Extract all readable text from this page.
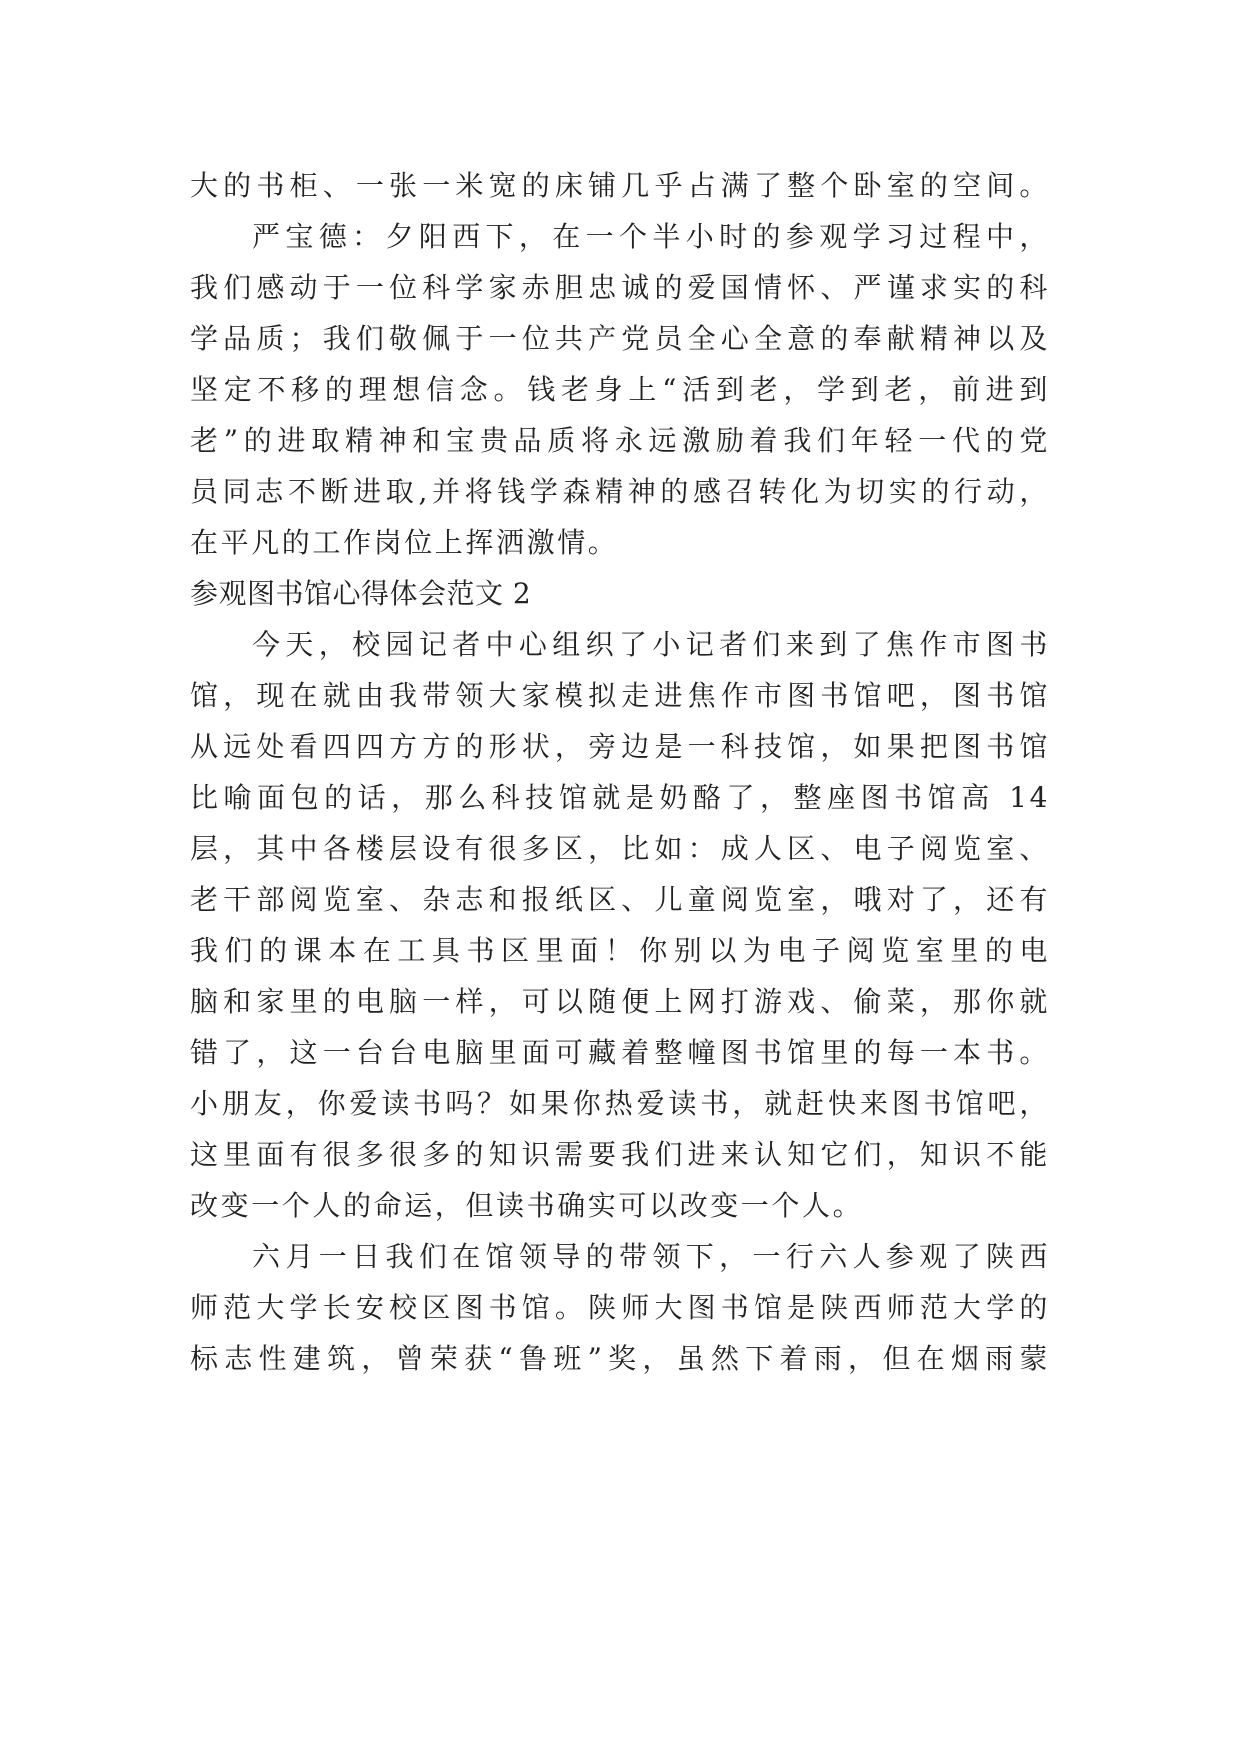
大的书柜、一张一米宽的床铺几乎占满了整个卧室的空间。
严宝德：夕阳西下，在一个半小时的参观学习过程中，
我们感动于一位科学家赤胆忠诚的爱国情怀、严谨求实的科
学品质；我们敬佩于一位共产党员全心全意的奉献精神以及
坚定不移的理想信念。钱老身上“活到老，学到老，前进到
老”的进取精神和宝贵品质将永远激励着我们年轻一代的党
员同志不断进取,并将钱学森精神的感召转化为切实的行动，
在平凡的工作岗位上挥洒激情。
参观图书馆心得体会范文 2
今天，校园记者中心组织了小记者们来到了焦作市图书
馆，现在就由我带领大家模拟走进焦作市图书馆吧，图书馆
从远处看四四方方的形状，旁边是一科技馆，如果把图书馆
比喻面包的话，那么科技馆就是奶酪了，整座图书馆高 14
层，其中各楼层设有很多区，比如：成人区、电子阅览室、
老干部阅览室、杂志和报纸区、儿童阅览室，哦对了，还有
我们的课本在工具书区里面！你别以为电子阅览室里的电
脑和家里的电脑一样，可以随便上网打游戏、偷菜，那你就
错了，这一台台电脑里面可藏着整幢图书馆里的每一本书。
小朋友，你爱读书吗？如果你热爱读书，就赶快来图书馆吧，
这里面有很多很多的知识需要我们进来认知它们，知识不能
改变一个人的命运，但读书确实可以改变一个人。
六月一日我们在馆领导的带领下，一行六人参观了陕西
师范大学长安校区图书馆。陕师大图书馆是陕西师范大学的
标志性建筑，曾荣获“鲁班”奖，虽然下着雨，但在烟雨蒙
